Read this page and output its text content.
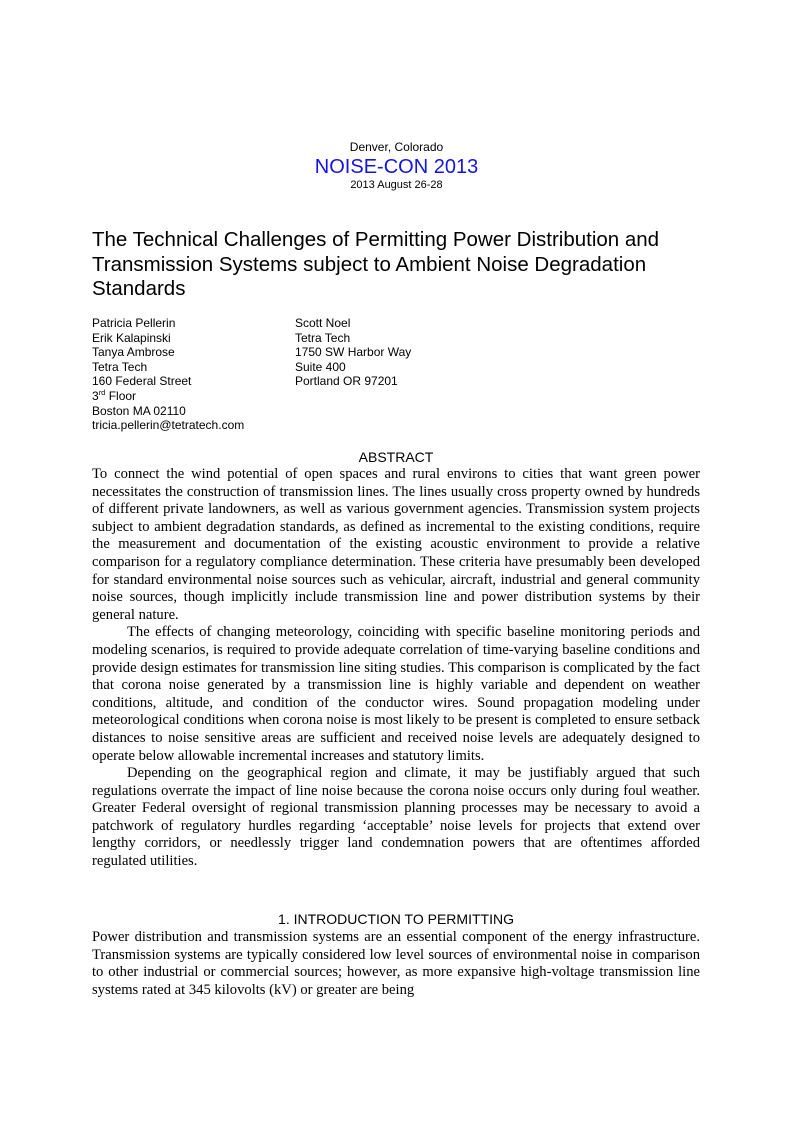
Denver, Colorado
NOISE-CON 2013
2013 August 26-28
The Technical Challenges of Permitting Power Distribution and Transmission Systems subject to Ambient Noise Degradation Standards
Patricia Pellerin
Erik Kalapinski
Tanya Ambrose
Tetra Tech
160 Federal Street
3rd Floor
Boston MA 02110
tricia.pellerin@tetratech.com
Scott Noel
Tetra Tech
1750 SW Harbor Way
Suite 400
Portland OR 97201
ABSTRACT

To connect the wind potential of open spaces and rural environs to cities that want green power necessitates the construction of transmission lines. The lines usually cross property owned by hundreds of different private landowners, as well as various government agencies. Transmission system projects subject to ambient degradation standards, as defined as incremental to the existing conditions, require the measurement and documentation of the existing acoustic environment to provide a relative comparison for a regulatory compliance determination. These criteria have presumably been developed for standard environmental noise sources such as vehicular, aircraft, industrial and general community noise sources, though implicitly include transmission line and power distribution systems by their general nature.

The effects of changing meteorology, coinciding with specific baseline monitoring periods and modeling scenarios, is required to provide adequate correlation of time-varying baseline conditions and provide design estimates for transmission line siting studies. This comparison is complicated by the fact that corona noise generated by a transmission line is highly variable and dependent on weather conditions, altitude, and condition of the conductor wires. Sound propagation modeling under meteorological conditions when corona noise is most likely to be present is completed to ensure setback distances to noise sensitive areas are sufficient and received noise levels are adequately designed to operate below allowable incremental increases and statutory limits.

Depending on the geographical region and climate, it may be justifiably argued that such regulations overrate the impact of line noise because the corona noise occurs only during foul weather. Greater Federal oversight of regional transmission planning processes may be necessary to avoid a patchwork of regulatory hurdles regarding ‘acceptable’ noise levels for projects that extend over lengthy corridors, or needlessly trigger land condemnation powers that are oftentimes afforded regulated utilities.

1. INTRODUCTION TO PERMITTING

Power distribution and transmission systems are an essential component of the energy infrastructure. Transmission systems are typically considered low level sources of environmental noise in comparison to other industrial or commercial sources; however, as more expansive high-voltage transmission line systems rated at 345 kilovolts (kV) or greater are being
